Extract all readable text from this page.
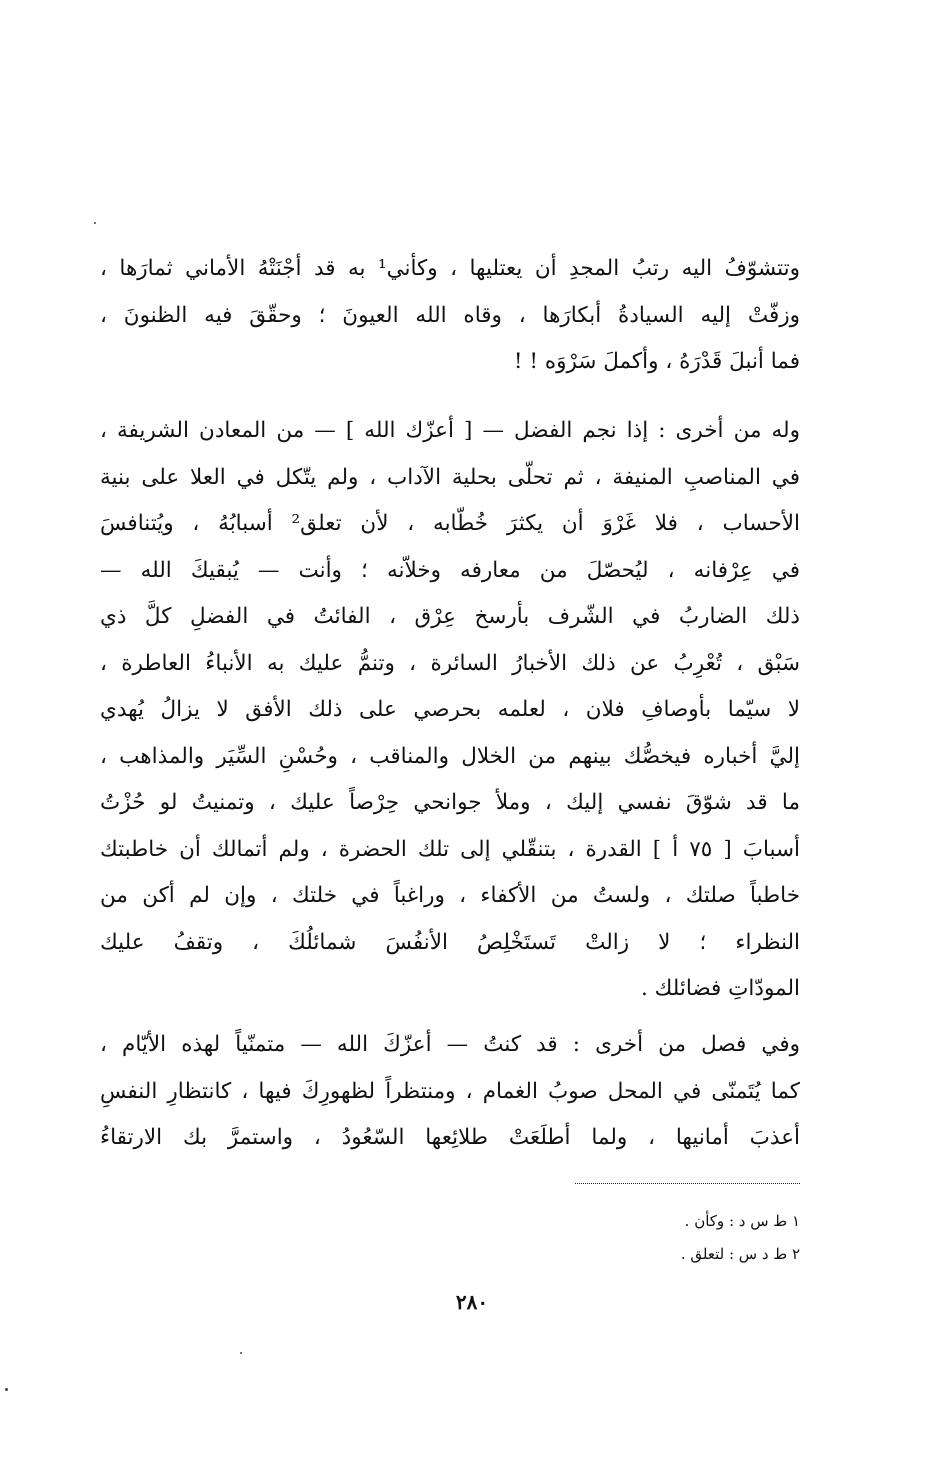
وتتشوّفُ اليه رتبُ المجدِ أن يعتليها ، وكأني¹ به قد أجْنَتْهُ الأماني ثمارَها ،
وزفّتْ إليه السيادةُ أبكارَها ، وقاه الله العيونَ ؛ وحقّقَ فيه الظنونَ ،
فما أنبلَ قَدْرَهُ ، وأكملَ سَرْوَه ! !
وله من أخرى : إذا نجم الفضل — [ أعزّك الله ] — من المعادن الشريفة ،
في المناصبِ المنيفة ، ثم تحلّى بحلية الآداب ، ولم يتّكل في العلا على بنية
الأحساب ، فلا غَرْوَ أن يكثرَ خُطّابه ، لأن تعلق² أسبابُهُ ، ويُتنافسَ
في عِرْفانه ، ليُحصّلَ من معارفه وخلاّنه ؛ وأنت — يُبقيكَ الله —
ذلك الضاربُ في الشّرف بأرسخ عِرْق ، الفائتُ في الفضلِ كلَّ ذي
سَبْق ، تُعْرِبُ عن ذلك الأخبارُ السائرة ، وتنمُّ عليك به الأنباءُ العاطرة ،
لا سيّما بأوصافِ فلان ، لعلمه بحرصي على ذلك الأفق لا يزالُ يُهدي
إليَّ أخباره فيخصُّك بينهم من الخلال والمناقب ، وحُسْنِ السِّيَر والمذاهب ،
ما قد شوّقَ نفسي إليك ، وملأ جوانحي حِرْصاً عليك ، وتمنيتُ لو حُزْتُ
أسبابَ [ ٧٥ أ ] القدرة ، بتنقّلي إلى تلك الحضرة ، ولم أتمالك أن خاطبتك
خاطباً صلتك ، ولستُ من الأكفاء ، وراغباً في خلتك ، وإن لم أكن من
النظراء ؛ لا زالتْ تَستَخْلِصُ الأنفُسَ شمائلُكَ ، وتقفُ عليك
المودّاتِ فضائلك .
وفي فصل من أخرى : قد كنتُ — أعزّكَ الله — متمنّياً لهذه الأيّام ،
كما يُتَمنّى في المحل صوبُ الغمام ، ومنتظراً لظهورِكَ فيها ، كانتظارِ النفسِ
أعذبَ أمانيها ، ولما أطلَعَتْ طلائِعها السّعُودُ ، واستمرَّ بك الارتقاءُ
١ ط س د : وكأن .
٢ ط د س : لتعلق .
٢٨٠
